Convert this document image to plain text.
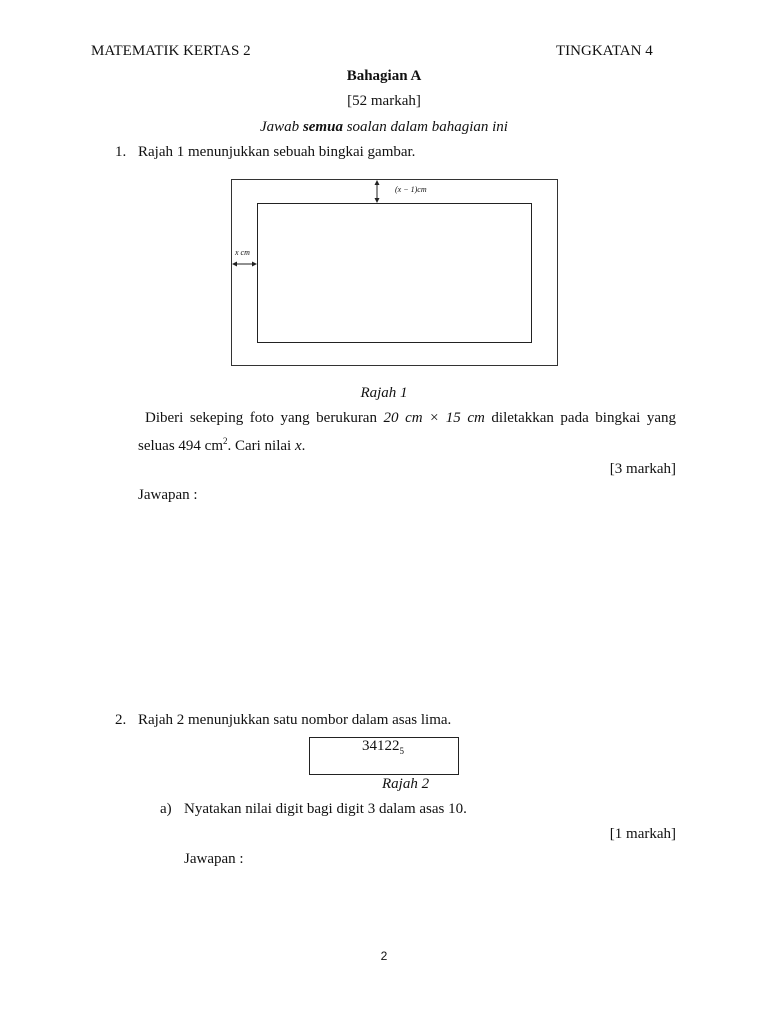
MATEMATIK KERTAS 2	TINGKATAN 4
Bahagian A
[52 markah]
Jawab semua soalan dalam bahagian ini
1. Rajah 1 menunjukkan sebuah bingkai gambar.
(x − 1)cm
x cm
Rajah 1
Diberi sekeping foto yang berukuran 20 cm × 15 cm diletakkan pada bingkai yang
seluas 494 $cm^2$. Cari nilai x.
[3 markah]
Jawapan :
2. Rajah 2 menunjukkan satu nombor dalam asas lima.
$34122_5$
Rajah 2
a) Nyatakan nilai digit bagi digit 3 dalam asas 10.
[1 markah]
Jawapan :
2
